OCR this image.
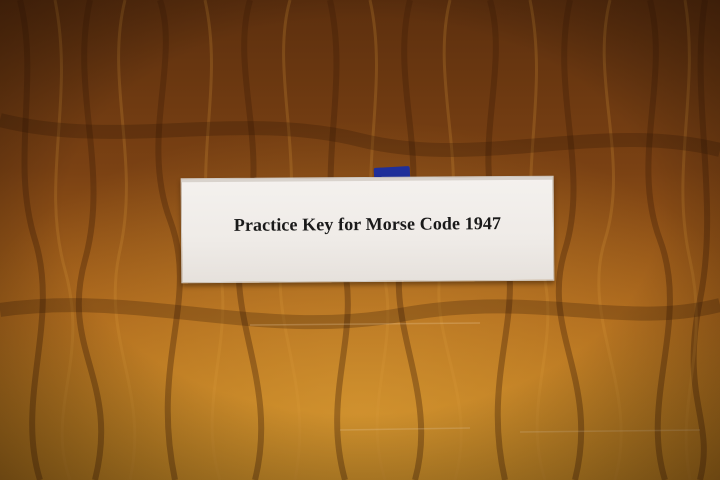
Practice Key for Morse Code 1947
